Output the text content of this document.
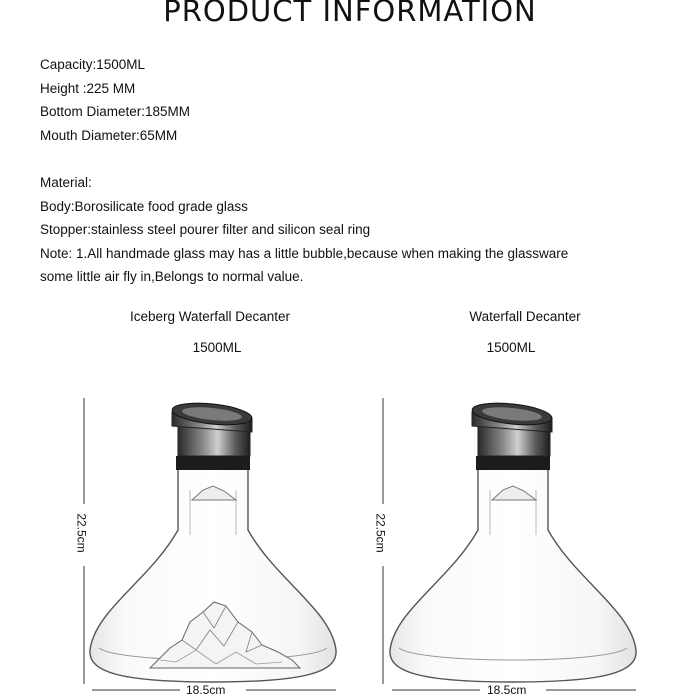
PRODUCT INFORMATION
Capacity:1500ML
Height :225 MM
Bottom Diameter:185MM
Mouth Diameter:65MM
Material:
Body:Borosilicate food grade glass
Stopper:stainless steel pourer filter and silicon seal ring
Note: 1.All handmade glass may has a little bubble,because when making the glassware
some little air fly in,Belongs to normal value.
Iceberg Waterfall Decanter
1500ML
Waterfall Decanter
1500ML
22.5cm	22.5cm
18.5cm	18.5cm
